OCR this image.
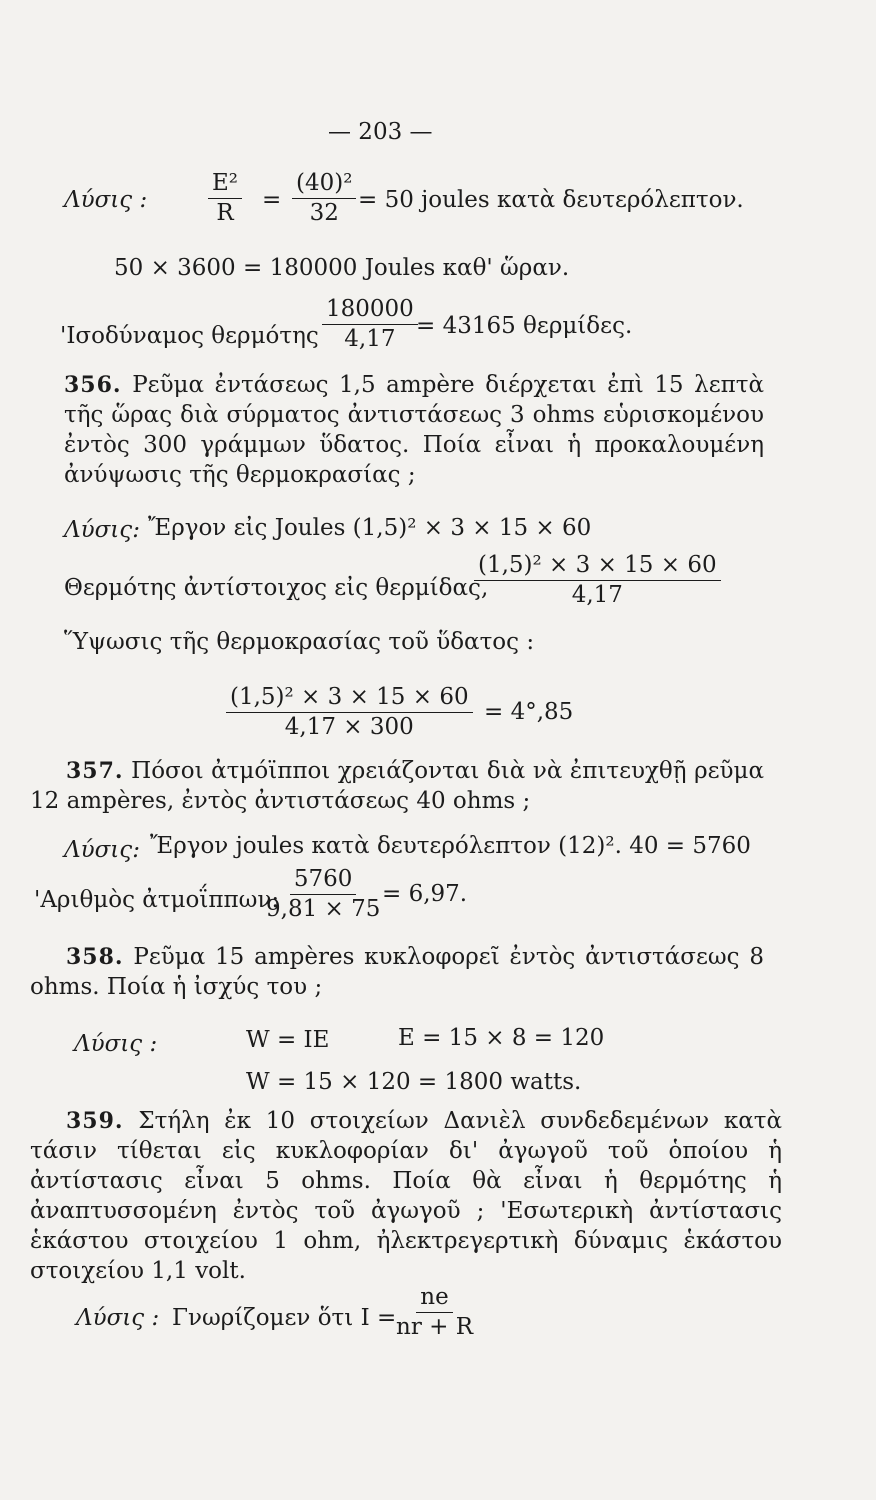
— 203 —
Λύσις :	$\frac{\text{E²}}{R} = \frac{\text{(40)²}}{32} = 50$ joules κατὰ δευτερόλεπτον.
50 × 3600 = 180000 Joules καθ' ὥραν.
'Ισοδύναμος θερμότης $\frac{180000}{4,17}$
= 43165 θερμίδες.
356. Ρεῦμα ἐντάσεως 1,5 ampère διέρχεται ἐπὶ 15 λεπτὰ τῆς ὥρας διὰ σύρματος ἀντιστάσεως 3 ohms εὑρισκομένου ἐντὸς 300 γράμμων ὕδατος. Ποία εἶναι ἡ προκαλουμένη ἀνύψωσις τῆς θερμοκρασίας ;
Λύσις: Ἔργον εἰς Joules (1,5)² × 3 × 15 × 60
Θερμότης ἀντίστοιχος εἰς θερμίδας,
$\frac{\text{(1,5)² × 3 × 15 × 60}}{4,17}$
Ὕψωσις τῆς θερμοκρασίας τοῦ ὕδατος :
$\frac{\text{(1,5)² × 3 × 15 × 60}}{4,17 \times 300} = 4^\circ,85$
357. Πόσοι ἀτμόϊπποι χρειάζονται διὰ νὰ ἐπιτευχθῇ ρεῦμα 12 ampères, ἐντὸς ἀντιστάσεως 40 ohms ;
Λύσις: Ἔργον joules κατὰ δευτερόλεπτον (12)². 40 = 5760
'Αριθμὸς ἀτμοΐππων:
$\frac{5760}{9,81 \times 75}$
= 6,97.
358. Ρεῦμα 15 ampères κυκλοφορεῖ ἐντὸς ἀντιστάσεως 8 ohms. Ποία ἡ ἰσχύς του ;
Λύσις :	W = IE	E = 15 × 8 = 120
W = 15 × 120 = 1800 watts.
359. Στήλη ἐκ 10 στοιχείων Δανιὲλ συνδεδεμένων κατὰ τάσιν τίθεται εἰς κυκλοφορίαν δι' ἀγωγοῦ τοῦ ὁποίου ἡ ἀντίστασις εἶναι 5 ohms. Ποία θὰ εἶναι ἡ θερμότης ἡ ἀναπτυσσομένη ἐντὸς τοῦ ἀγωγοῦ ; 'Εσωτερικὴ ἀντίστασις ἑκάστου στοιχείου 1 ohm, ἠλεκτρεγερτικὴ δύναμις ἑκάστου στοιχείου 1,1 volt.
Λύσις : Γνωρίζομεν ὅτι I =
$\frac{ne}{nr + R}$
